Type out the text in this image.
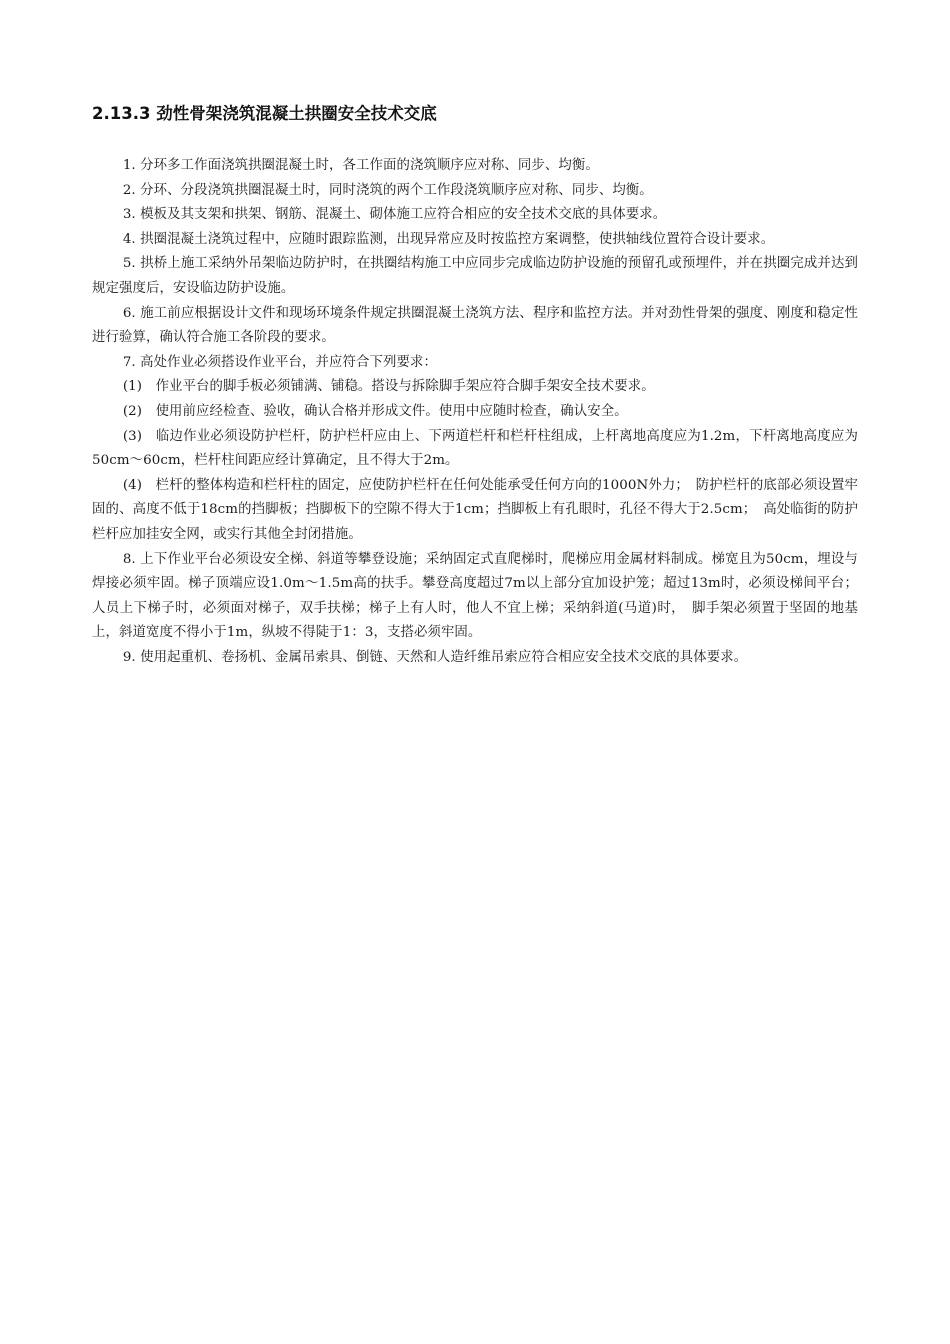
2.13.3 劲性骨架浇筑混凝土拱圈安全技术交底

1. 分环多工作面浇筑拱圈混凝土时，各工作面的浇筑顺序应对称、同步、均衡。

2. 分环、分段浇筑拱圈混凝土时，同时浇筑的两个工作段浇筑顺序应对称、同步、均衡。

3. 模板及其支架和拱架、钢筋、混凝土、砌体施工应符合相应的安全技术交底的具体要求。

4. 拱圈混凝土浇筑过程中，应随时跟踪监测，出现异常应及时按监控方案调整，使拱轴线位置符合设计要求。

5. 拱桥上施工采纳外吊架临边防护时，在拱圈结构施工中应同步完成临边防护设施的预留孔或预埋件，并在拱圈完成并达到规定强度后，安设临边防护设施。

6. 施工前应根据设计文件和现场环境条件规定拱圈混凝土浇筑方法、程序和监控方法。并对劲性骨架的强度、刚度和稳定性进行验算，确认符合施工各阶段的要求。

7. 高处作业必须搭设作业平台，并应符合下列要求：

(1)　作业平台的脚手板必须铺满、铺稳。搭设与拆除脚手架应符合脚手架安全技术要求。

(2)　使用前应经检查、验收，确认合格并形成文件。使用中应随时检查，确认安全。

(3)　临边作业必须设防护栏杆，防护栏杆应由上、下两道栏杆和栏杆柱组成，上杆离地高度应为1.2m，下杆离地高度应为50cm～60cm，栏杆柱间距应经计算确定，且不得大于2m。

(4)　栏杆的整体构造和栏杆柱的固定，应使防护栏杆在任何处能承受任何方向的1000N外力；　防护栏杆的底部必须设置牢固的、高度不低于18cm的挡脚板；挡脚板下的空隙不得大于1cm；挡脚板上有孔眼时，孔径不得大于2.5cm；　高处临街的防护栏杆应加挂安全网，或实行其他全封闭措施。

8. 上下作业平台必须设安全梯、斜道等攀登设施；采纳固定式直爬梯时，爬梯应用金属材料制成。梯宽且为50cm，埋设与焊接必须牢固。梯子顶端应设1.0m～1.5m高的扶手。攀登高度超过7m以上部分宜加设护笼；超过13m时，必须设梯间平台；人员上下梯子时，必须面对梯子，双手扶梯；梯子上有人时，他人不宜上梯；采纳斜道(马道)时，　脚手架必须置于坚固的地基上，斜道宽度不得小于1m，纵坡不得陡于1：3，支搭必须牢固。

9. 使用起重机、卷扬机、金属吊索具、倒链、天然和人造纤维吊索应符合相应安全技术交底的具体要求。
